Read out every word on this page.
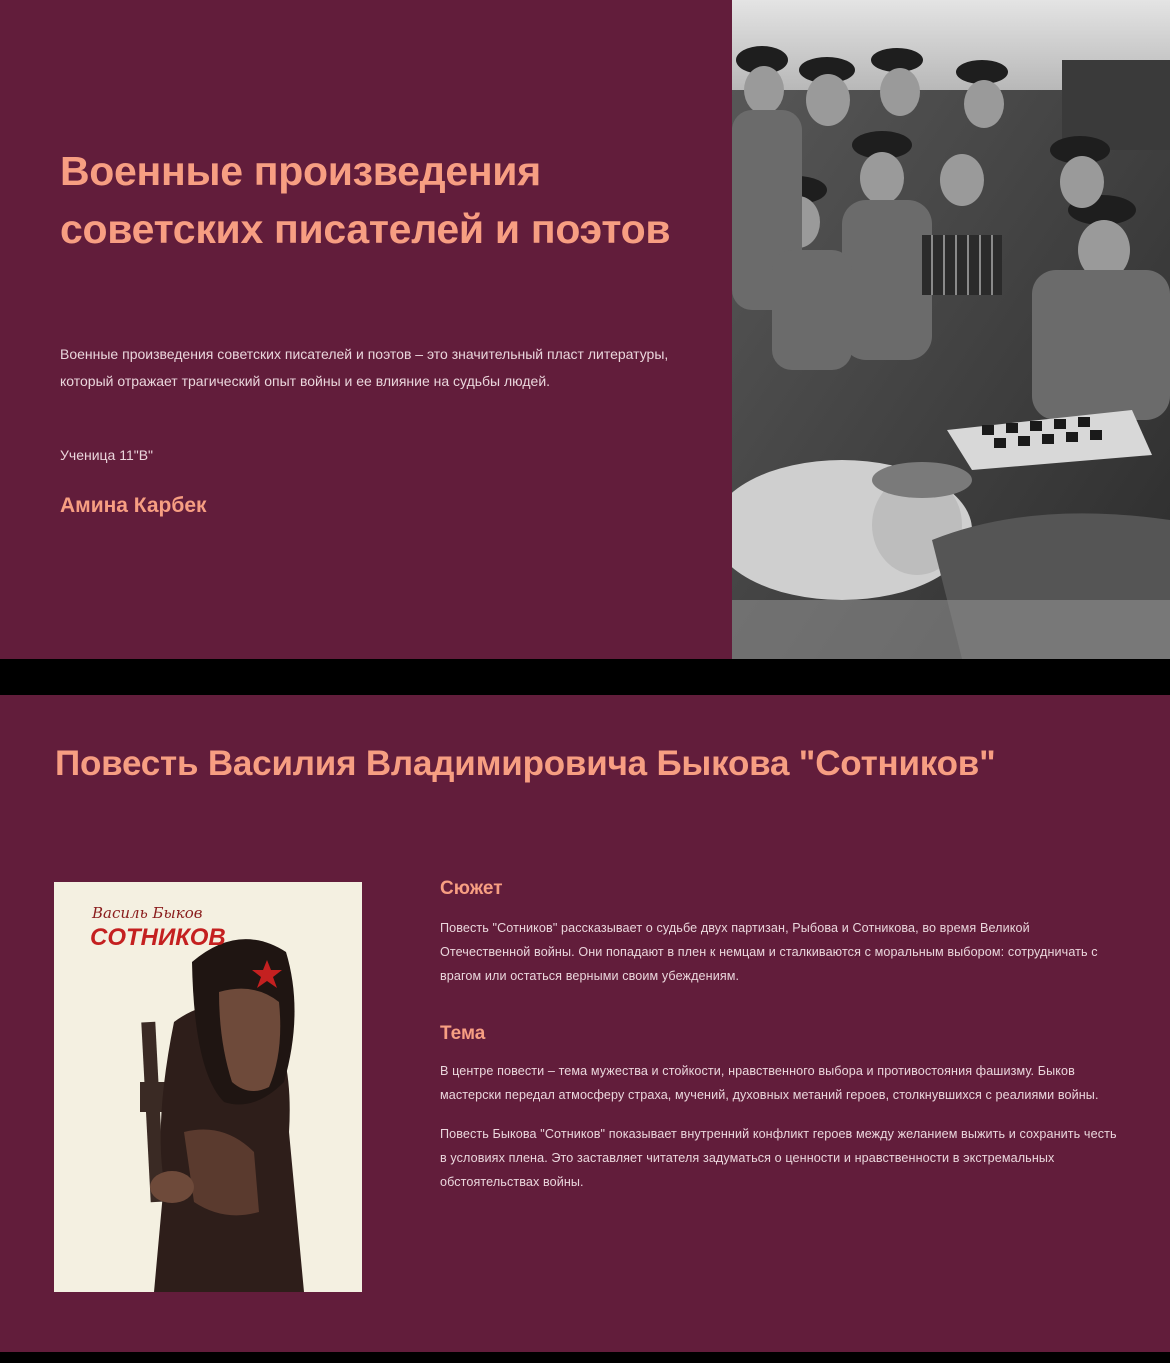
Военные произведения советских писателей и поэтов

Военные произведения советских писателей и поэтов – это значительный пласт литературы, который отражает трагический опыт войны и ее влияние на судьбы людей.

Ученица 11"В"

Амина Карбек

Повесть Василия Владимировича Быкова "Сотников"

Василь Быков

СОТНИКОВ

Сюжет

Повесть "Сотников" рассказывает о судьбе двух партизан, Рыбова и Сотникова, во время Великой Отечественной войны. Они попадают в плен к немцам и сталкиваются с моральным выбором: сотрудничать с врагом или остаться верными своим убеждениям.

Тема

В центре повести – тема мужества и стойкости, нравственного выбора и противостояния фашизму. Быков мастерски передал атмосферу страха, мучений, духовных метаний героев, столкнувшихся с реалиями войны.

Повесть Быкова "Сотников" показывает внутренний конфликт героев между желанием выжить и сохранить честь в условиях плена. Это заставляет читателя задуматься о ценности и нравственности в экстремальных обстоятельствах войны.
